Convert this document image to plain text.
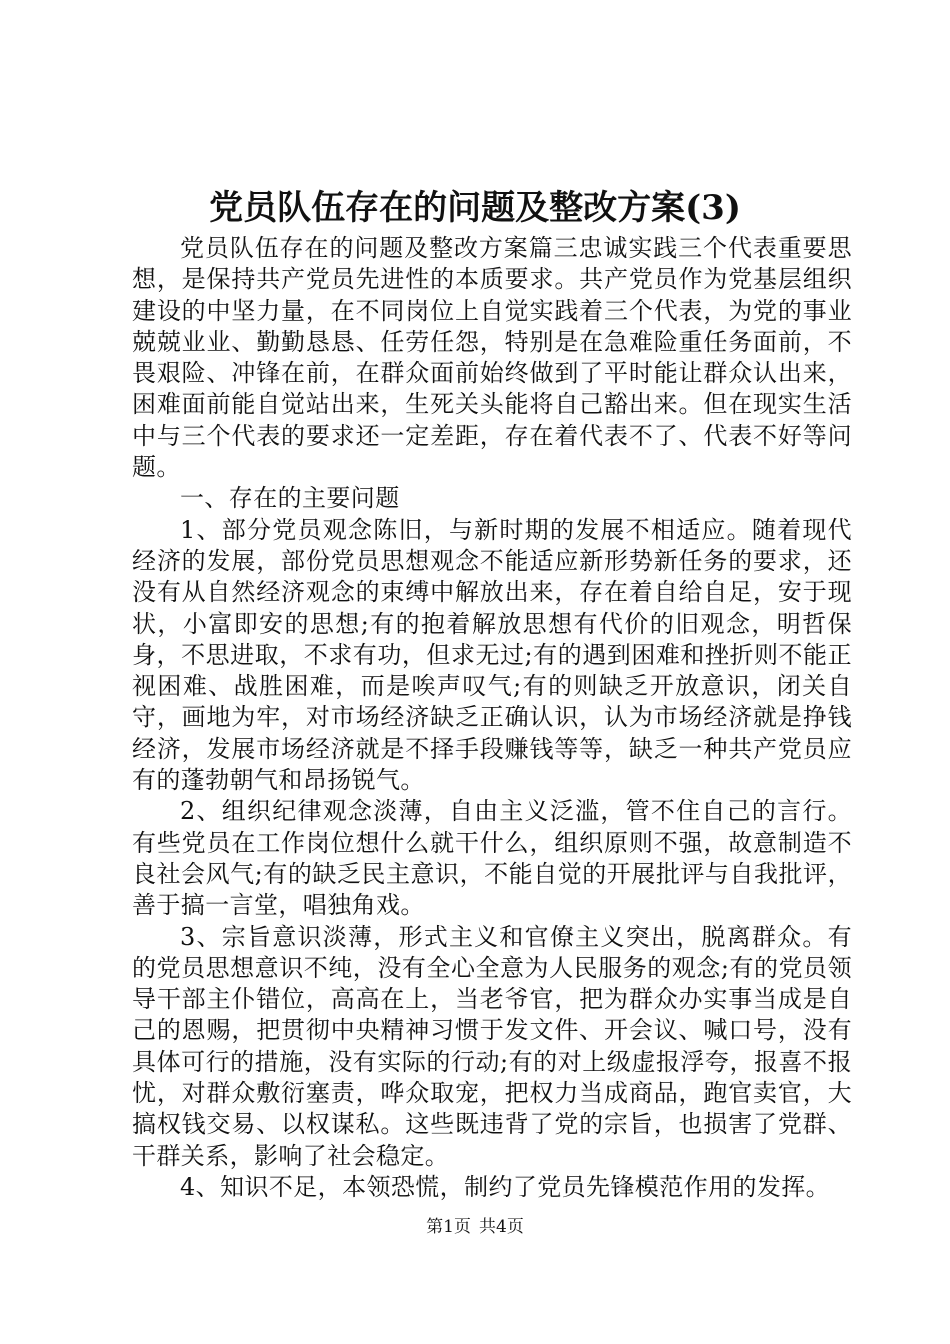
党员队伍存在的问题及整改方案(3)

党员队伍存在的问题及整改方案篇三忠诚实践三个代表重要思想，是保持共产党员先进性的本质要求。共产党员作为党基层组织建设的中坚力量，在不同岗位上自觉实践着三个代表，为党的事业兢兢业业、勤勤恳恳、任劳任怨，特别是在急难险重任务面前，不畏艰险、冲锋在前，在群众面前始终做到了平时能让群众认出来，困难面前能自觉站出来，生死关头能将自己豁出来。但在现实生活中与三个代表的要求还一定差距，存在着代表不了、代表不好等问题。

一、存在的主要问题

1、部分党员观念陈旧，与新时期的发展不相适应。随着现代经济的发展，部份党员思想观念不能适应新形势新任务的要求，还没有从自然经济观念的束缚中解放出来，存在着自给自足，安于现状，小富即安的思想;有的抱着解放思想有代价的旧观念，明哲保身，不思进取，不求有功，但求无过;有的遇到困难和挫折则不能正视困难、战胜困难，而是唉声叹气;有的则缺乏开放意识，闭关自守，画地为牢，对市场经济缺乏正确认识，认为市场经济就是挣钱经济，发展市场经济就是不择手段赚钱等等，缺乏一种共产党员应有的蓬勃朝气和昂扬锐气。

2、组织纪律观念淡薄，自由主义泛滥，管不住自己的言行。有些党员在工作岗位想什么就干什么，组织原则不强，故意制造不良社会风气;有的缺乏民主意识，不能自觉的开展批评与自我批评，善于搞一言堂，唱独角戏。

3、宗旨意识淡薄，形式主义和官僚主义突出，脱离群众。有的党员思想意识不纯，没有全心全意为人民服务的观念;有的党员领导干部主仆错位，高高在上，当老爷官，把为群众办实事当成是自己的恩赐，把贯彻中央精神习惯于发文件、开会议、喊口号，没有具体可行的措施，没有实际的行动;有的对上级虚报浮夸，报喜不报忧，对群众敷衍塞责，哗众取宠，把权力当成商品，跑官卖官，大搞权钱交易、以权谋私。这些既违背了党的宗旨，也损害了党群、干群关系，影响了社会稳定。

4、知识不足，本领恐慌，制约了党员先锋模范作用的发挥。

第1页 共4页
